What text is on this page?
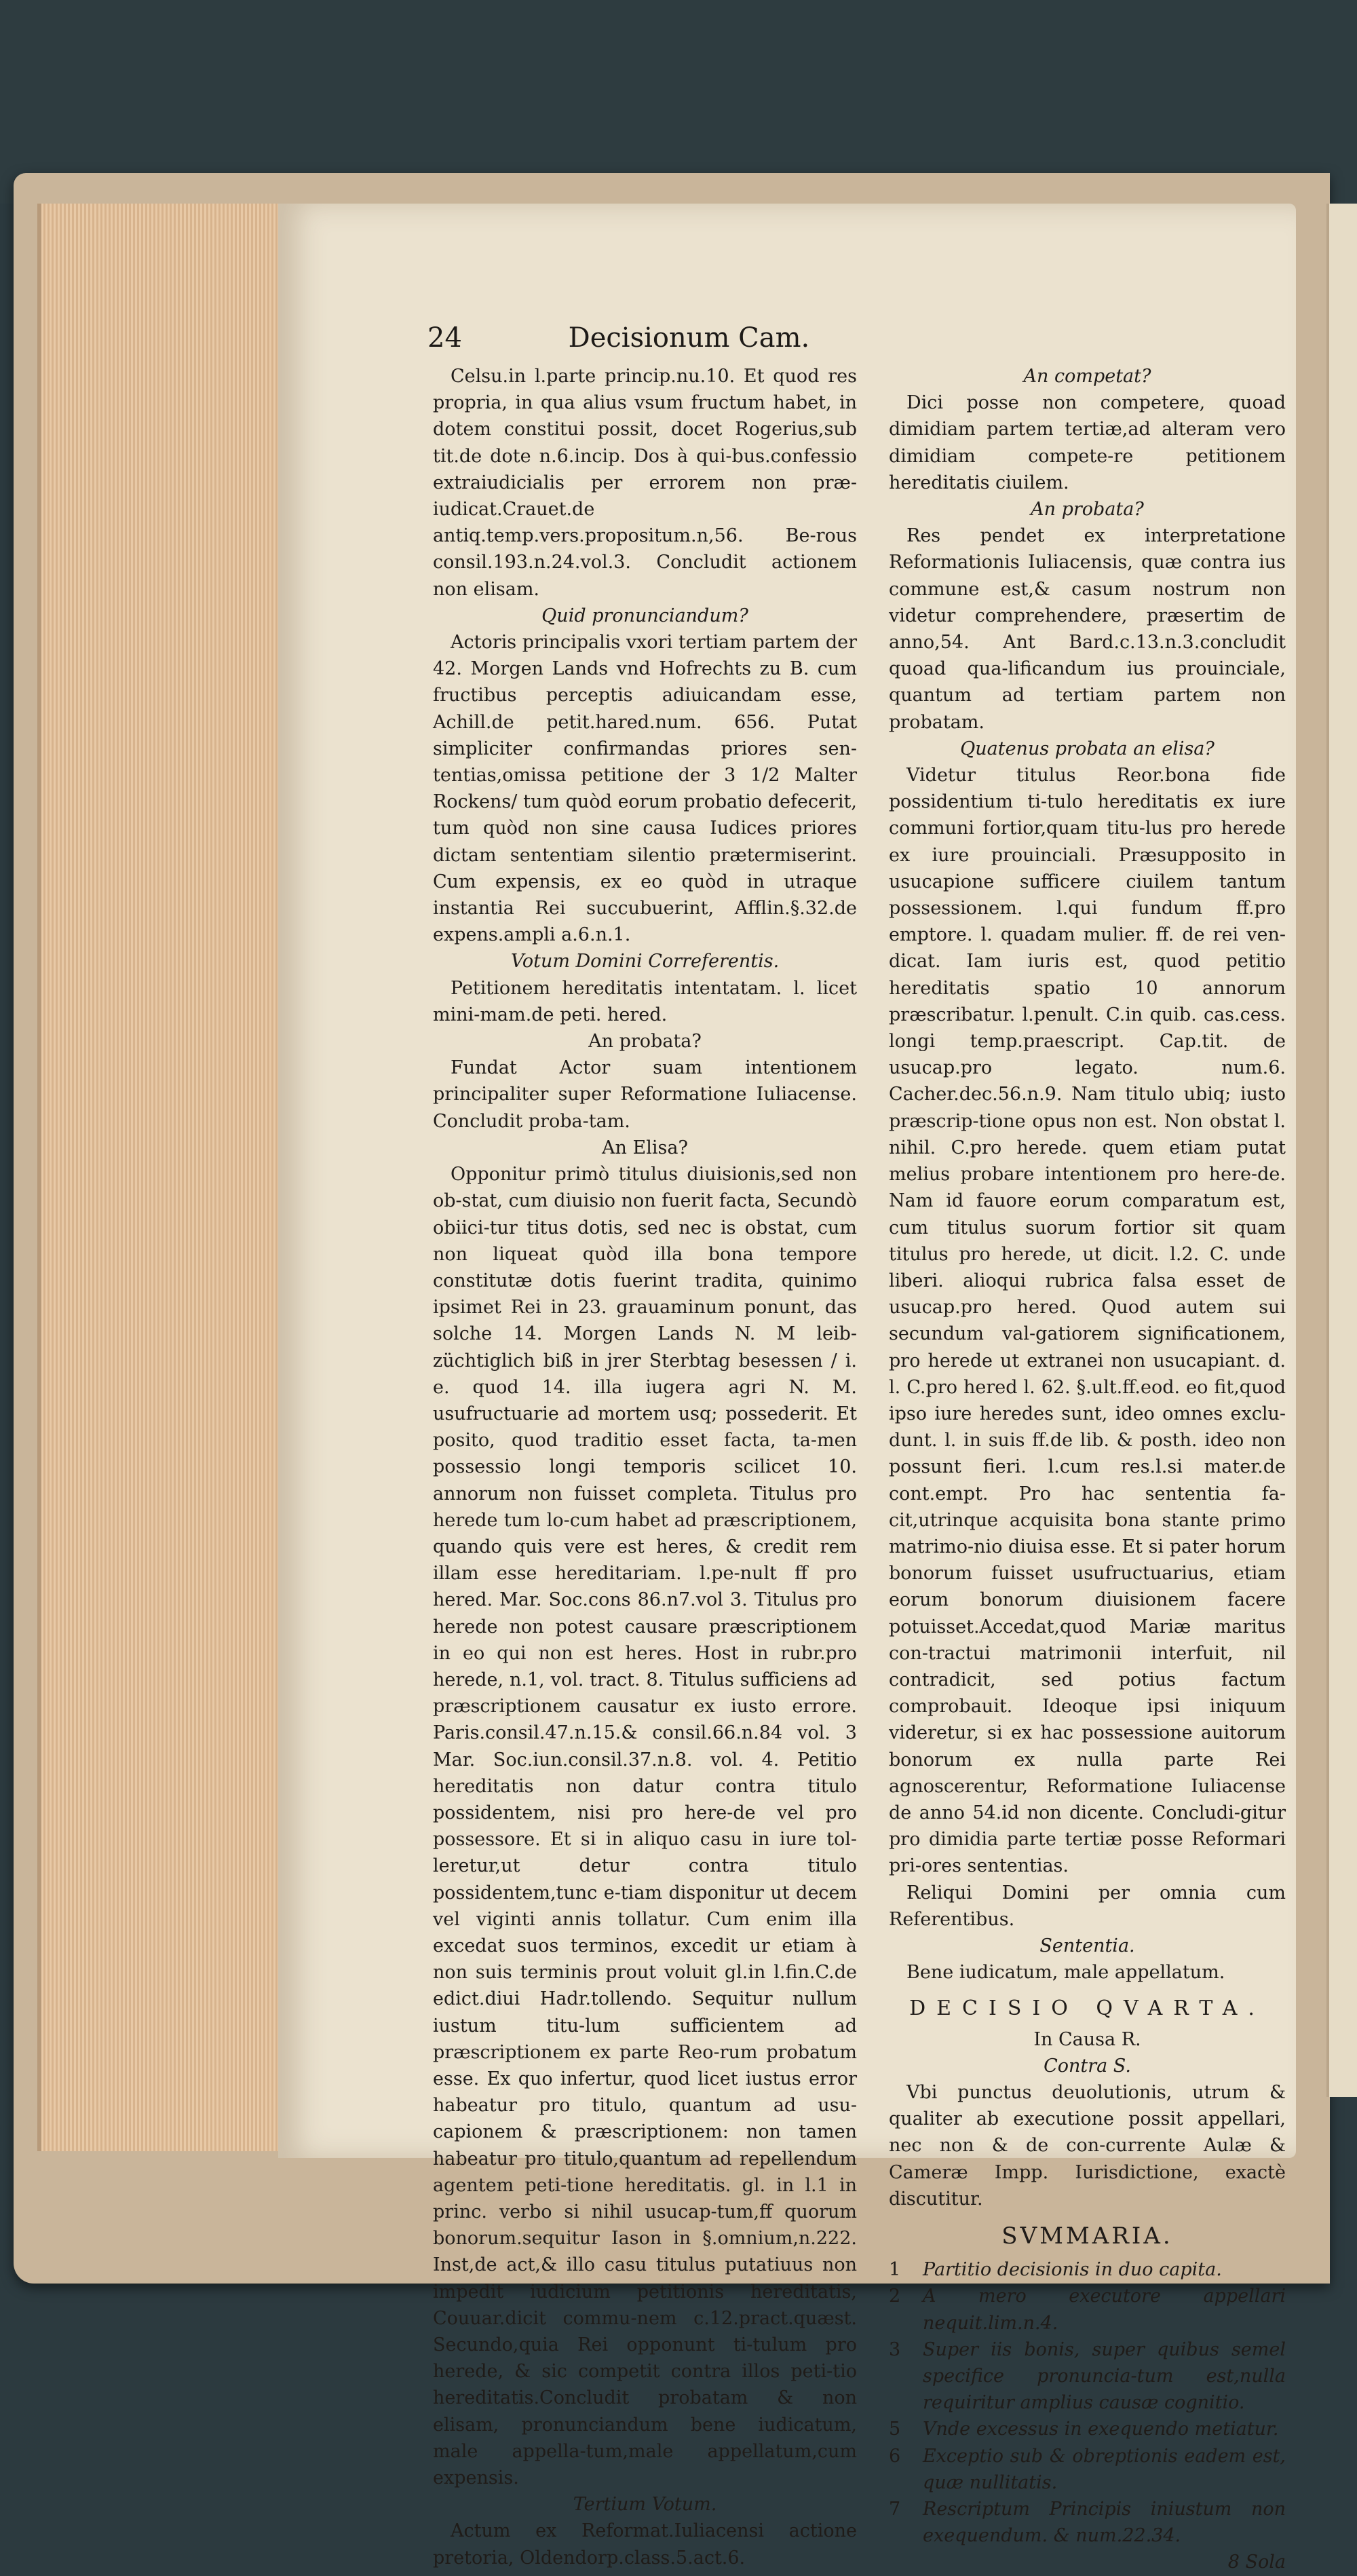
24	Decisionum Cam.

Celsu.in l.parte princip.nu.10. Et quod res propria, in qua alius vsum fructum habet, in dotem constitui possit, docet Rogerius,sub tit.de dote n.6.incip. Dos à qui-bus.confessio extraiudicialis per errorem non præ-iudicat.Crauet.de antiq.temp.vers.propositum.n,56. Be-rous consil.193.n.24.vol.3. Concludit actionem non elisam.

Quid pronunciandum?

Actoris principalis vxori tertiam partem der 42. Morgen Lands vnd Hofrechts zu B. cum fructibus perceptis adiuicandam esse, Achill.de petit.hared.num. 656. Putat simpliciter confirmandas priores sen-tentias,omissa petitione der 3 1/2 Malter Rockens/ tum quòd eorum probatio defecerit, tum quòd non sine causa Iudices priores dictam sententiam silentio prætermiserint. Cum expensis, ex eo quòd in utraque instantia Rei succubuerint, Afflin.§.32.de expens.ampli a.6.n.1.

Votum Domini Correferentis.

Petitionem hereditatis intentatam. l. licet mini-mam.de peti. hered.

An probata?

Fundat Actor suam intentionem principaliter super Reformatione Iuliacense. Concludit proba-tam.

An Elisa?

Opponitur primò titulus diuisionis,sed non ob-stat, cum diuisio non fuerit facta, Secundò obiici-tur titus dotis, sed nec is obstat, cum non liqueat quòd illa bona tempore constitutæ dotis fuerint tradita, quinimo ipsimet Rei in 23. grauaminum ponunt, das solche 14. Morgen Lands N. M leib-züchtiglich biß in jrer Sterbtag besessen / i. e. quod 14. illa iugera agri N. M. usufructuarie ad mortem usq; possederit. Et posito, quod traditio esset facta, ta-men possessio longi temporis scilicet 10. annorum non fuisset completa. Titulus pro herede tum lo-cum habet ad præscriptionem, quando quis vere est heres, & credit rem illam esse hereditariam. l.pe-nult ff pro hered. Mar. Soc.cons 86.n7.vol 3. Titulus pro herede non potest causare præscriptionem in eo qui non est heres. Host in rubr.pro herede, n.1, vol. tract. 8. Titulus sufficiens ad præscriptionem causatur ex iusto errore. Paris.consil.47.n.15.& consil.66.n.84 vol. 3 Mar. Soc.iun.consil.37.n.8. vol. 4. Petitio hereditatis non datur contra titulo possidentem, nisi pro here-de vel pro possessore. Et si in aliquo casu in iure tol-leretur,ut detur contra titulo possidentem,tunc e-tiam disponitur ut decem vel viginti annis tollatur. Cum enim illa excedat suos terminos, excedit ur etiam à non suis terminis prout voluit gl.in l.fin.C.de edict.diui Hadr.tollendo. Sequitur nullum iustum titu-lum sufficientem ad præscriptionem ex parte Reo-rum probatum esse. Ex quo infertur, quod licet iustus error habeatur pro titulo, quantum ad usu-capionem & præscriptionem: non tamen habeatur pro titulo,quantum ad repellendum agentem peti-tione hereditatis. gl. in l.1 in princ. verbo si nihil usucap-tum,ff quorum bonorum.sequitur Iason in §.omnium,n.222. Inst,de act,& illo casu titulus putatiuus non impedit iudicium petitionis hereditatis, Couuar.dicit commu-nem c.12.pract.quæst. Secundo,quia Rei opponunt ti-tulum pro herede, & sic competit contra illos peti-tio hereditatis.Concludit probatam & non elisam, pronunciandum bene iudicatum, male appella-tum,male appellatum,cum expensis.

Tertium Votum.

Actum ex Reformat.Iuliacensi actione pretoria, Oldendorp.class.5.act.6.

An competat?

Dici posse non competere, quoad dimidiam partem tertiæ,ad alteram vero dimidiam compete-re petitionem hereditatis ciuilem.

An probata?

Res pendet ex interpretatione Reformationis Iuliacensis, quæ contra ius commune est,& casum nostrum non videtur comprehendere, præsertim de anno,54. Ant Bard.c.13.n.3.concludit quoad qua-lificandum ius prouinciale, quantum ad tertiam partem non probatam.

Quatenus probata an elisa?

Videtur titulus Reor.bona fide possidentium ti-tulo hereditatis ex iure communi fortior,quam titu-lus pro herede ex iure prouinciali. Præsupposito in usucapione sufficere ciuilem tantum possessionem. l.qui fundum ff.pro emptore. l. quadam mulier. ff. de rei ven-dicat. Iam iuris est, quod petitio hereditatis spatio 10 annorum præscribatur. l.penult. C.in quib. cas.cess. longi temp.praescript. Cap.tit. de usucap.pro legato. num.6. Cacher.dec.56.n.9. Nam titulo ubiq; iusto præscrip-tione opus non est. Non obstat l. nihil. C.pro herede. quem etiam putat melius probare intentionem pro here-de. Nam id fauore eorum comparatum est, cum titulus suorum fortior sit quam titulus pro herede, ut dicit. l.2. C. unde liberi. alioqui rubrica falsa esset de usucap.pro hered. Quod autem sui secundum val-gatiorem significationem, pro herede ut extranei non usucapiant. d. l. C.pro hered l. 62. §.ult.ff.eod. eo fit,quod ipso iure heredes sunt, ideo omnes exclu-dunt. l. in suis ff.de lib. & posth. ideo non possunt fieri. l.cum res.l.si mater.de cont.empt. Pro hac sententia fa-cit,utrinque acquisita bona stante primo matrimo-nio diuisa esse. Et si pater horum bonorum fuisset usufructuarius, etiam eorum bonorum diuisionem facere potuisset.Accedat,quod Mariæ maritus con-tractui matrimonii interfuit, nil contradicit, sed potius factum comprobauit. Ideoque ipsi iniquum videretur, si ex hac possessione auitorum bonorum ex nulla parte Rei agnoscerentur, Reformatione Iuliacense de anno 54.id non dicente. Concludi-gitur pro dimidia parte tertiæ posse Reformari pri-ores sententias.

Reliqui Domini per omnia cum Referentibus.

Sententia.

Bene iudicatum, male appellatum.

DECISIO QVARTA.

In Causa R.

Contra S.

Vbi punctus deuolutionis, utrum & qualiter ab executione possit appellari, nec non & de con-currente Aulæ & Cameræ Impp. Iurisdictione, exactè discutitur.

SVMMARIA.

1	Partitio decisionis in duo capita.

2	A mero executore appellari nequit.lim.n.4.

3	Super iis bonis, super quibus semel specifice pronuncia-tum est,nulla requiritur amplius causæ cognitio.

5	Vnde excessus in exequendo metiatur.

6	Exceptio sub & obreptionis eadem est, quæ nullitatis.

7	Rescriptum Principis iniustum non exequendum. & num.22.34.

8 Sola
